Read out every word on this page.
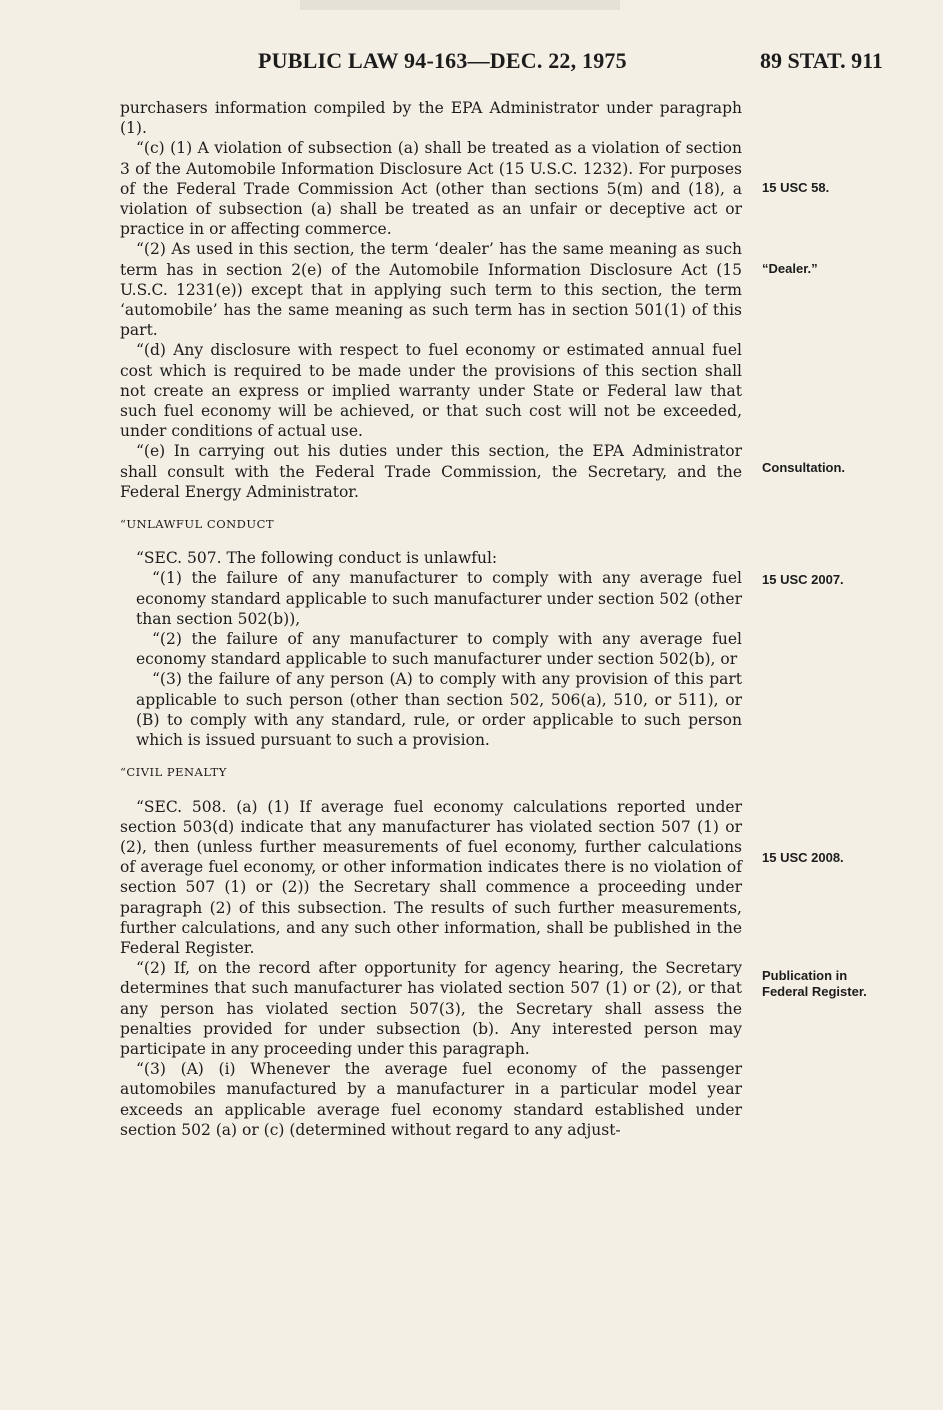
PUBLIC LAW 94-163—DEC. 22, 1975	89 STAT. 911

purchasers information compiled by the EPA Administrator under paragraph (1).

“(c) (1) A violation of subsection (a) shall be treated as a violation of section 3 of the Automobile Information Disclosure Act (15 U.S.C. 1232). For purposes of the Federal Trade Commission Act (other than sections 5(m) and (18), a violation of subsection (a) shall be treated as an unfair or deceptive act or practice in or affecting commerce.

“(2) As used in this section, the term ‘dealer’ has the same meaning as such term has in section 2(e) of the Automobile Information Disclosure Act (15 U.S.C. 1231(e)) except that in applying such term to this section, the term ‘automobile’ has the same meaning as such term has in section 501(1) of this part.

“(d) Any disclosure with respect to fuel economy or estimated annual fuel cost which is required to be made under the provisions of this section shall not create an express or implied warranty under State or Federal law that such fuel economy will be achieved, or that such cost will not be exceeded, under conditions of actual use.

“(e) In carrying out his duties under this section, the EPA Administrator shall consult with the Federal Trade Commission, the Secretary, and the Federal Energy Administrator.

“UNLAWFUL CONDUCT

“SEC. 507. The following conduct is unlawful:

“(1) the failure of any manufacturer to comply with any average fuel economy standard applicable to such manufacturer under section 502 (other than section 502(b)),

“(2) the failure of any manufacturer to comply with any average fuel economy standard applicable to such manufacturer under section 502(b), or

“(3) the failure of any person (A) to comply with any provision of this part applicable to such person (other than section 502, 506(a), 510, or 511), or (B) to comply with any standard, rule, or order applicable to such person which is issued pursuant to such a provision.

“CIVIL PENALTY

“SEC. 508. (a) (1) If average fuel economy calculations reported under section 503(d) indicate that any manufacturer has violated section 507 (1) or (2), then (unless further measurements of fuel economy, further calculations of average fuel economy, or other information indicates there is no violation of section 507 (1) or (2)) the Secretary shall commence a proceeding under paragraph (2) of this subsection. The results of such further measurements, further calculations, and any such other information, shall be published in the Federal Register.

“(2) If, on the record after opportunity for agency hearing, the Secretary determines that such manufacturer has violated section 507 (1) or (2), or that any person has violated section 507(3), the Secretary shall assess the penalties provided for under subsection (b). Any interested person may participate in any proceeding under this paragraph.

“(3) (A) (i) Whenever the average fuel economy of the passenger automobiles manufactured by a manufacturer in a particular model year exceeds an applicable average fuel economy standard established under section 502 (a) or (c) (determined without regard to any adjust-

15 USC 58.
“Dealer.”
Consultation.
15 USC 2007.
15 USC 2008.
Publication in
Federal Register.
